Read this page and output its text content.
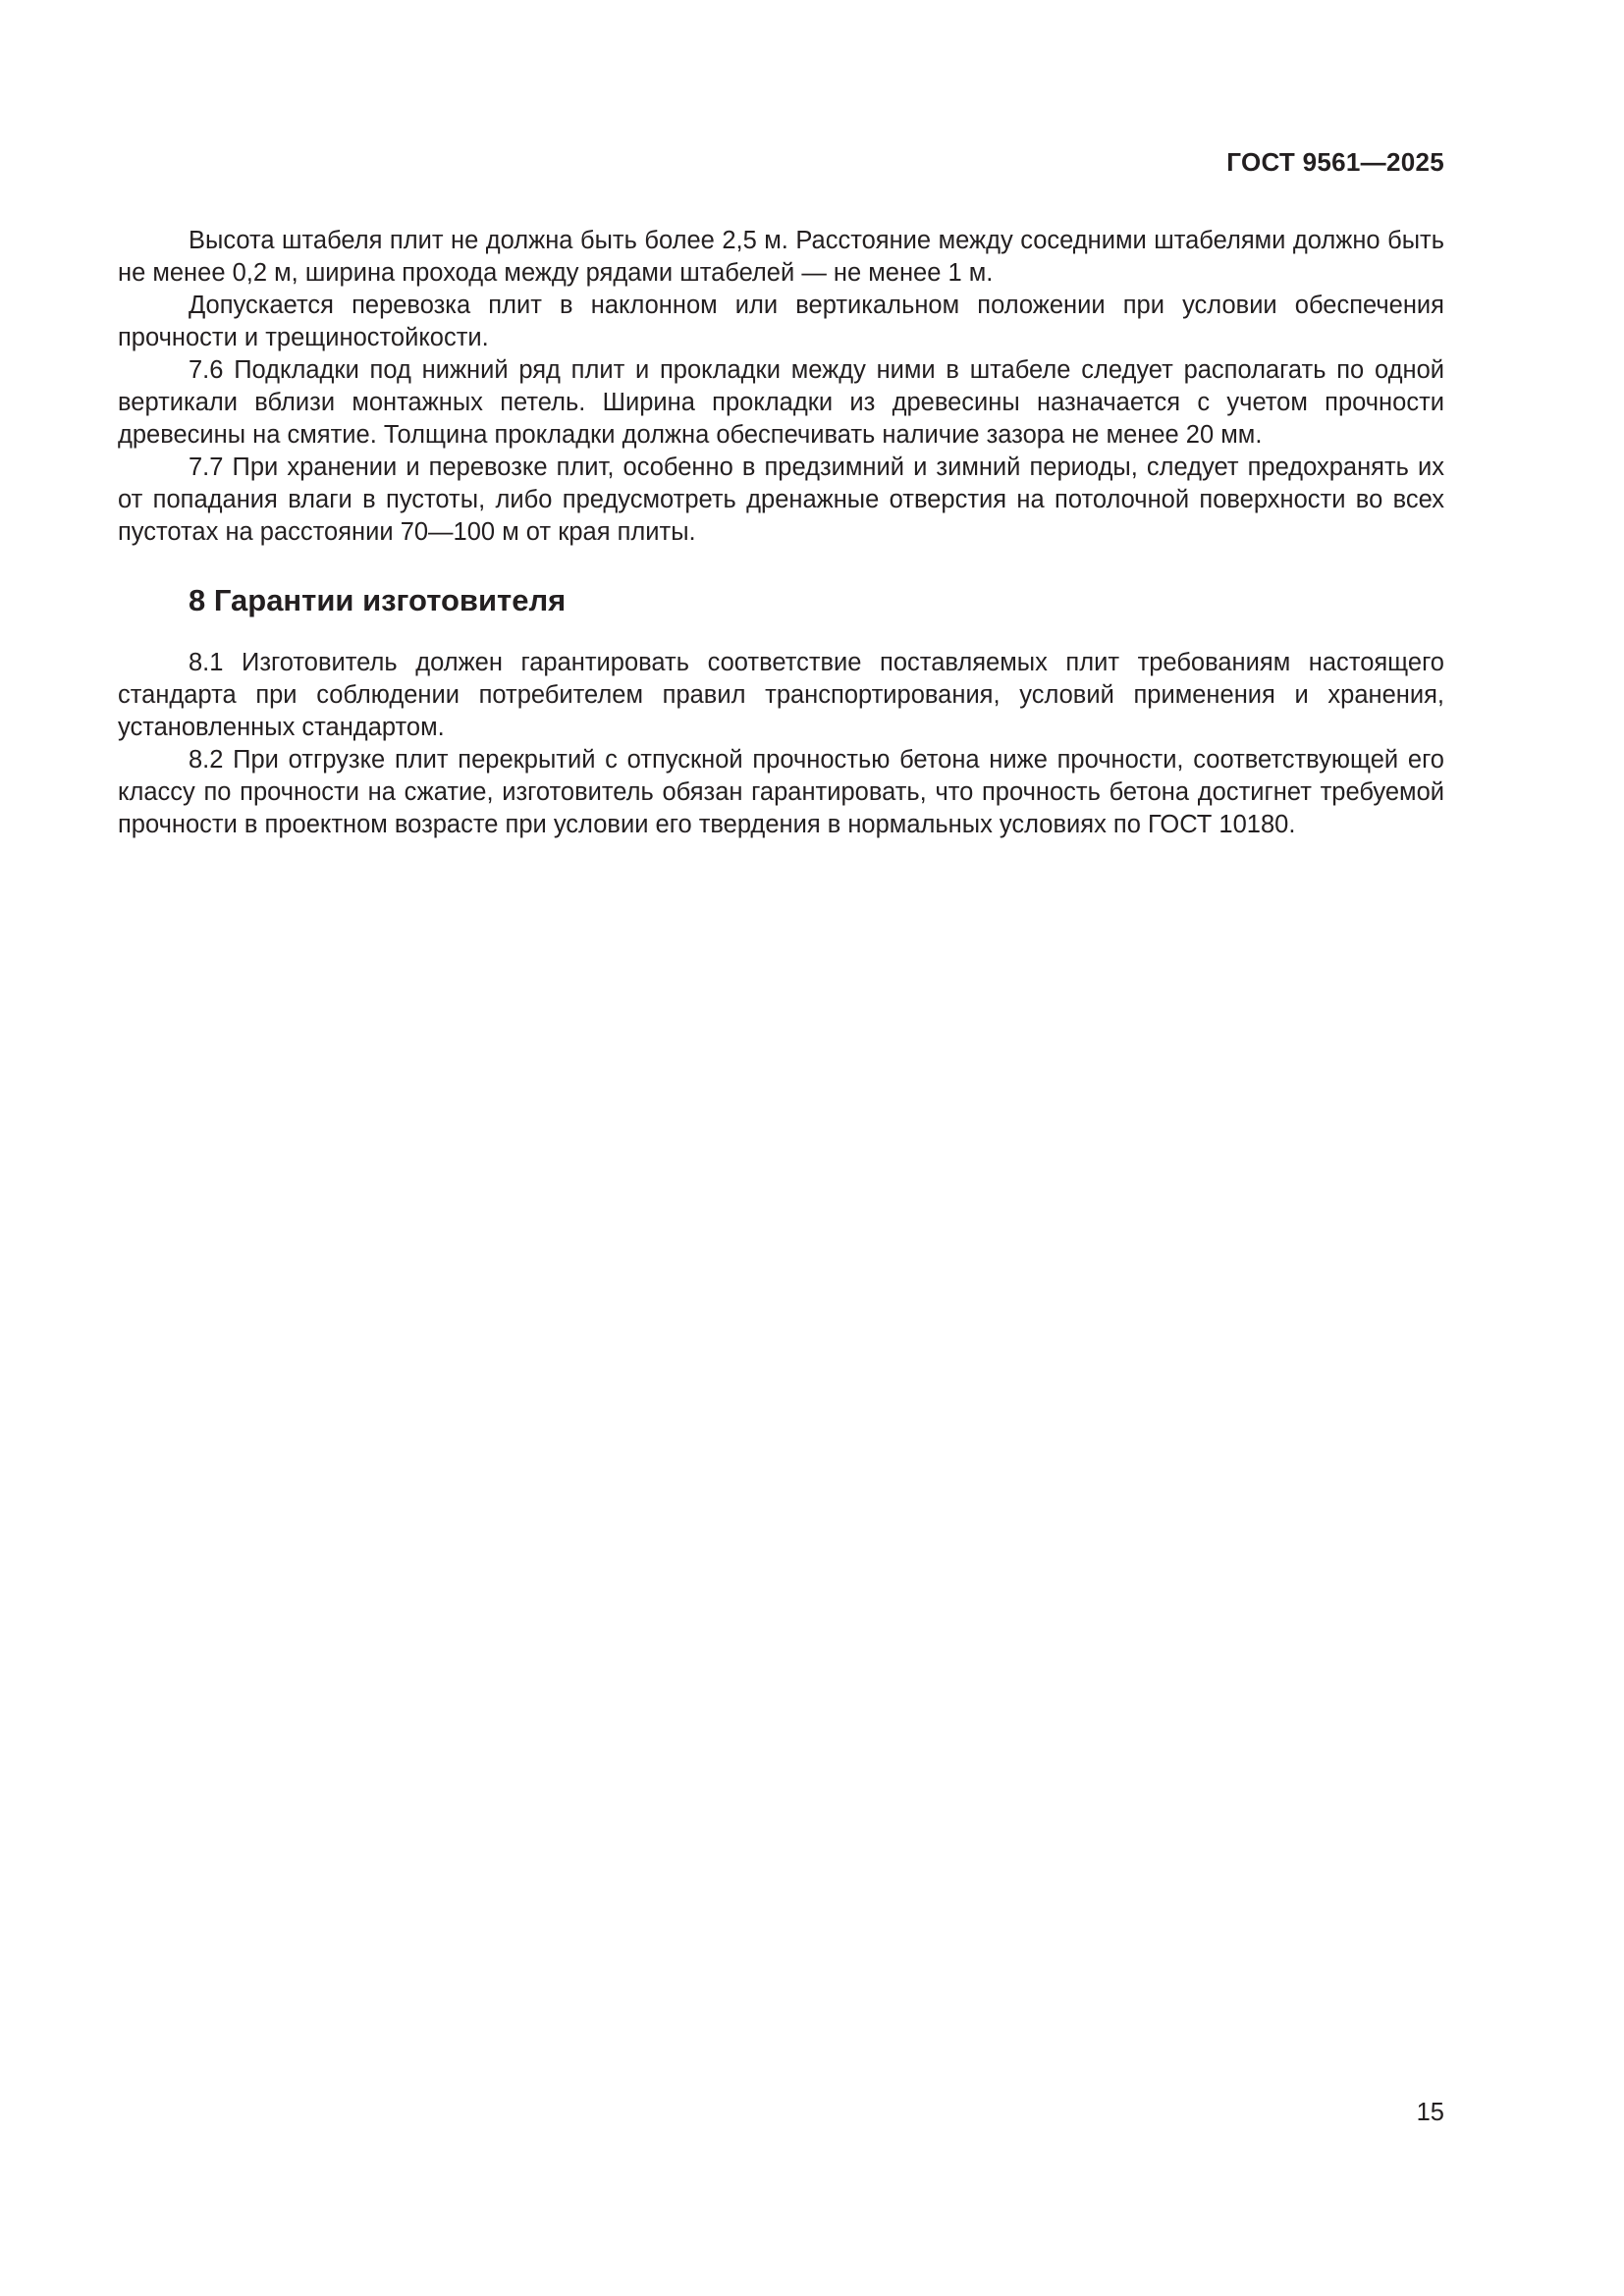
ГОСТ 9561—2025

Высота штабеля плит не должна быть более 2,5 м. Расстояние между соседними штабелями должно быть не менее 0,2 м, ширина прохода между рядами штабелей — не менее 1 м.

Допускается перевозка плит в наклонном или вертикальном положении при условии обеспечения прочности и трещиностойкости.

7.6 Подкладки под нижний ряд плит и прокладки между ними в штабеле следует располагать по одной вертикали вблизи монтажных петель. Ширина прокладки из древесины назначается с учетом прочности древесины на смятие. Толщина прокладки должна обеспечивать наличие зазора не менее 20 мм.

7.7 При хранении и перевозке плит, особенно в предзимний и зимний периоды, следует предохранять их от попадания влаги в пустоты, либо предусмотреть дренажные отверстия на потолочной поверхности во всех пустотах на расстоянии 70—100 м от края плиты.

8 Гарантии изготовителя

8.1 Изготовитель должен гарантировать соответствие поставляемых плит требованиям настоящего стандарта при соблюдении потребителем правил транспортирования, условий применения и хранения, установленных стандартом.

8.2 При отгрузке плит перекрытий с отпускной прочностью бетона ниже прочности, соответствующей его классу по прочности на сжатие, изготовитель обязан гарантировать, что прочность бетона достигнет требуемой прочности в проектном возрасте при условии его твердения в нормальных условиях по ГОСТ 10180.

15
